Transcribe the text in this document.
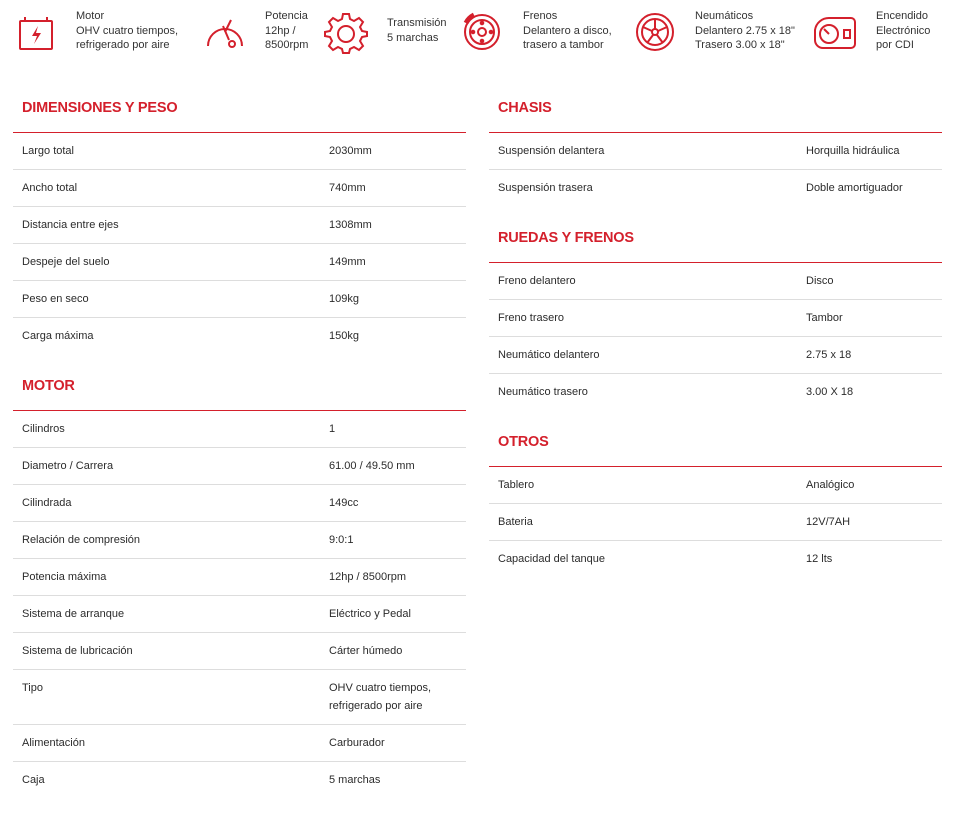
Motor
OHV cuatro tiempos,
refrigerado por aire
Potencia
12hp /
8500rpm
Transmisión
5 marchas
Frenos
Delantero a disco,
trasero a tambor
Neumáticos
Delantero 2.75 x 18"
Trasero 3.00 x 18"
Encendido
Electrónico
por CDI
DIMENSIONES Y PESO
Largo total	2030mm
Ancho total	740mm
Distancia entre ejes	1308mm
Despeje del suelo	149mm
Peso en seco	109kg
Carga máxima	150kg
MOTOR
Cilindros	1
Diametro / Carrera	61.00 / 49.50 mm
Cilindrada	149cc
Relación de compresión	9:0:1
Potencia máxima	12hp / 8500rpm
Sistema de arranque	Eléctrico y Pedal
Sistema de lubricación	Cárter húmedo
Tipo	OHV cuatro tiempos,
refrigerado por aire
Alimentación	Carburador
Caja	5 marchas
CHASIS
Suspensión delantera	Horquilla hidráulica
Suspensión trasera	Doble amortiguador
RUEDAS Y FRENOS
Freno delantero	Disco
Freno trasero	Tambor
Neumático delantero	2.75 x 18
Neumático trasero	3.00 X 18
OTROS
Tablero	Analógico
Bateria	12V/7AH
Capacidad del tanque	12 lts
